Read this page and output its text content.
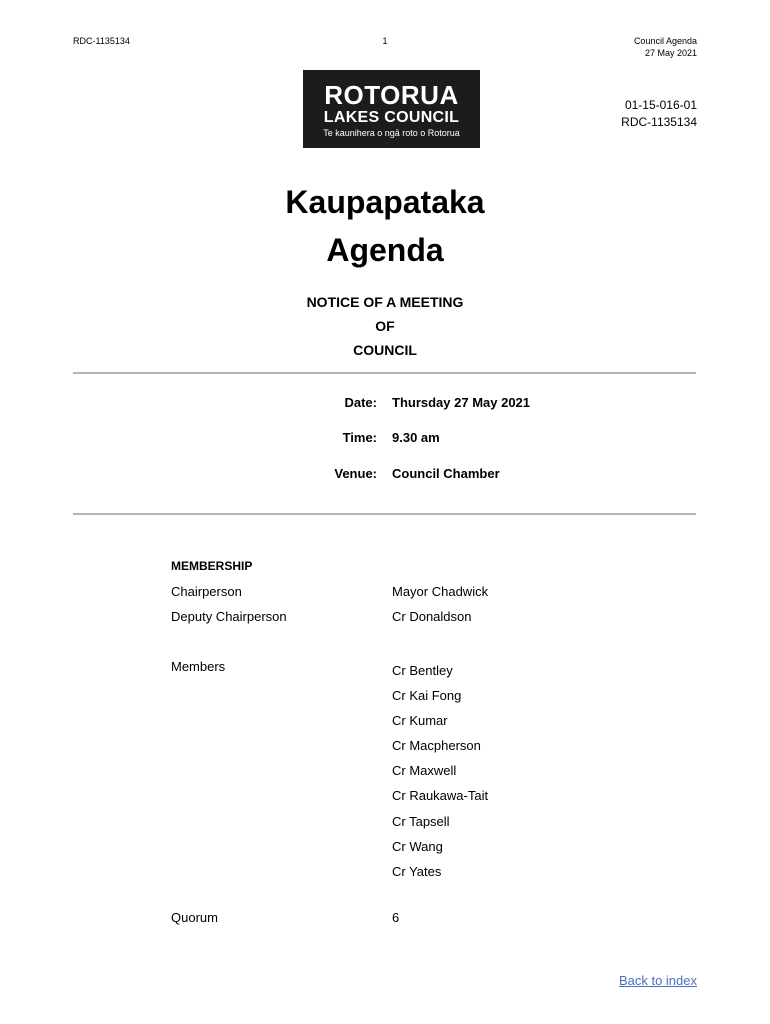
RDC-1135134	1	Council Agenda
27 May 2021
ROTORUA
LAKES COUNCIL
Te kaunihera o ngā roto o Rotorua
01-15-016-01
RDC-1135134
Kaupapataka
Agenda
NOTICE OF A MEETING
OF
COUNCIL
Date: Thursday 27 May 2021
Time: 9.30 am
Venue: Council Chamber
MEMBERSHIP
Chairperson	Mayor Chadwick
Deputy Chairperson	Cr Donaldson
Members	Cr Bentley
Cr Kai Fong
Cr Kumar
Cr Macpherson
Cr Maxwell
Cr Raukawa-Tait
Cr Tapsell
Cr Wang
Cr Yates
Quorum	6
Back to index
